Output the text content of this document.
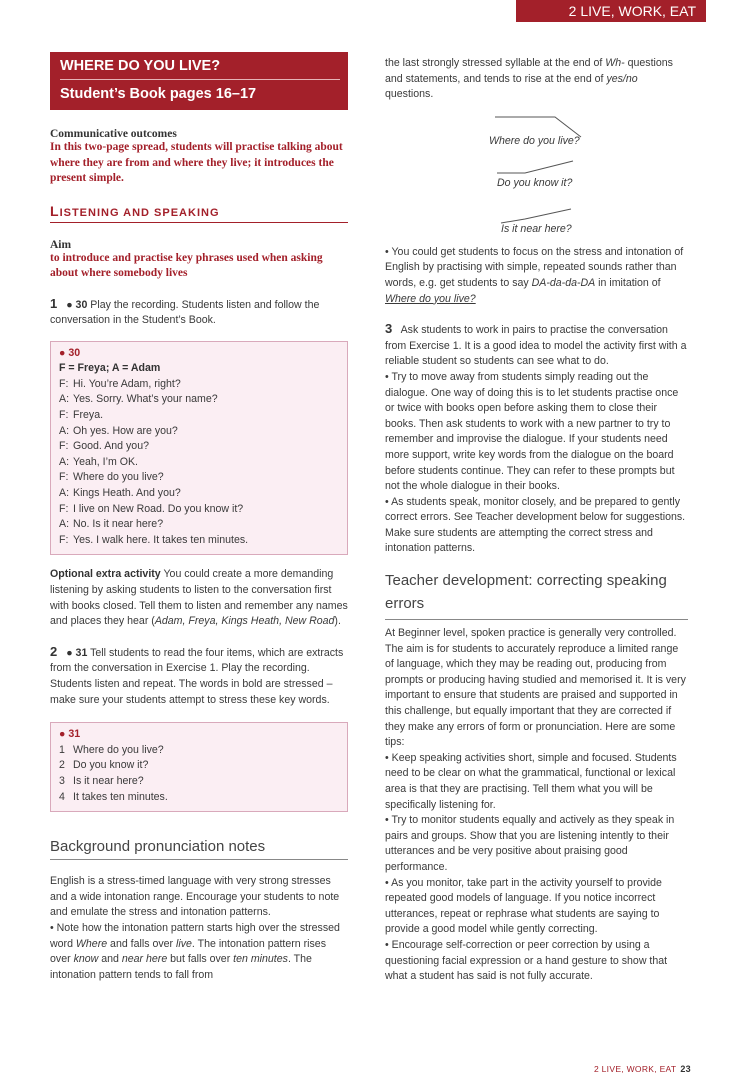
2 LIVE, WORK, EAT
WHERE DO YOU LIVE?
Student’s Book pages 16–17
Communicative outcomes
In this two-page spread, students will practise talking about where they are from and where they live; it introduces the present simple.
LISTENING AND SPEAKING
Aim
to introduce and practise key phrases used when asking about where somebody lives

1 ● 30 Play the recording. Students listen and follow the conversation in the Student’s Book.

● 30
F = Freya; A = Adam
F: Hi. You’re Adam, right?
A: Yes. Sorry. What’s your name?
F: Freya.
A: Oh yes. How are you?
F: Good. And you?
A: Yeah, I’m OK.
F: Where do you live?
A: Kings Heath. And you?
F: I live on New Road. Do you know it?
A: No. Is it near here?
F: Yes. I walk here. It takes ten minutes.

Optional extra activity You could create a more demanding listening by asking students to listen to the conversation first with books closed. Tell them to listen and remember any names and places they hear (Adam, Freya, Kings Heath, New Road).

2 ● 31 Tell students to read the four items, which are extracts from the conversation in Exercise 1. Play the recording. Students listen and repeat. The words in bold are stressed – make sure your students attempt to stress these key words.

● 31
1 Where do you live?
2 Do you know it?
3 Is it near here?
4 It takes ten minutes.
Background pronunciation notes

English is a stress-timed language with very strong stresses and a wide intonation range. Encourage your students to note and emulate the stress and intonation patterns.

• Note how the intonation pattern starts high over the stressed word Where and falls over live. The intonation pattern rises over know and near here but falls over ten minutes. The intonation pattern tends to fall from

the last strongly stressed syllable at the end of Wh- questions and statements, and tends to rise at the end of yes/no questions.

Where do you live?
Do you know it?
Is it near here?

• You could get students to focus on the stress and intonation of English by practising with simple, repeated sounds rather than words, e.g. get students to say DA-da-da-DA in imitation of Where do you live?

3 Ask students to work in pairs to practise the conversation from Exercise 1. It is a good idea to model the activity first with a reliable student so students can see what to do.

• Try to move away from students simply reading out the dialogue. One way of doing this is to let students practise once or twice with books open before asking them to close their books. Then ask students to work with a new partner to try to remember and improvise the dialogue. If your students need more support, write key words from the dialogue on the board before students continue. They can refer to these prompts but not the whole dialogue in their books.

• As students speak, monitor closely, and be prepared to gently correct errors. See Teacher development below for suggestions. Make sure students are attempting the correct stress and intonation patterns.

Teacher development: correcting speaking errors

At Beginner level, spoken practice is generally very controlled. The aim is for students to accurately reproduce a limited range of language, which they may be reading out, producing from prompts or producing having studied and memorised it. It is very important to ensure that students are praised and supported in this challenge, but equally important that they are corrected if they make any errors of form or pronunciation. Here are some tips:

• Keep speaking activities short, simple and focused. Students need to be clear on what the grammatical, functional or lexical area is that they are practising. Tell them what you will be specifically listening for.

• Try to monitor students equally and actively as they speak in pairs and groups. Show that you are listening intently to their utterances and be very positive about praising good performance.

• As you monitor, take part in the activity yourself to provide repeated good models of language. If you notice incorrect utterances, repeat or rephrase what students are saying to provide a good model while gently correcting.

• Encourage self-correction or peer correction by using a questioning facial expression or a hand gesture to show that what a student has said is not fully accurate.

2 LIVE, WORK, EAT 23
